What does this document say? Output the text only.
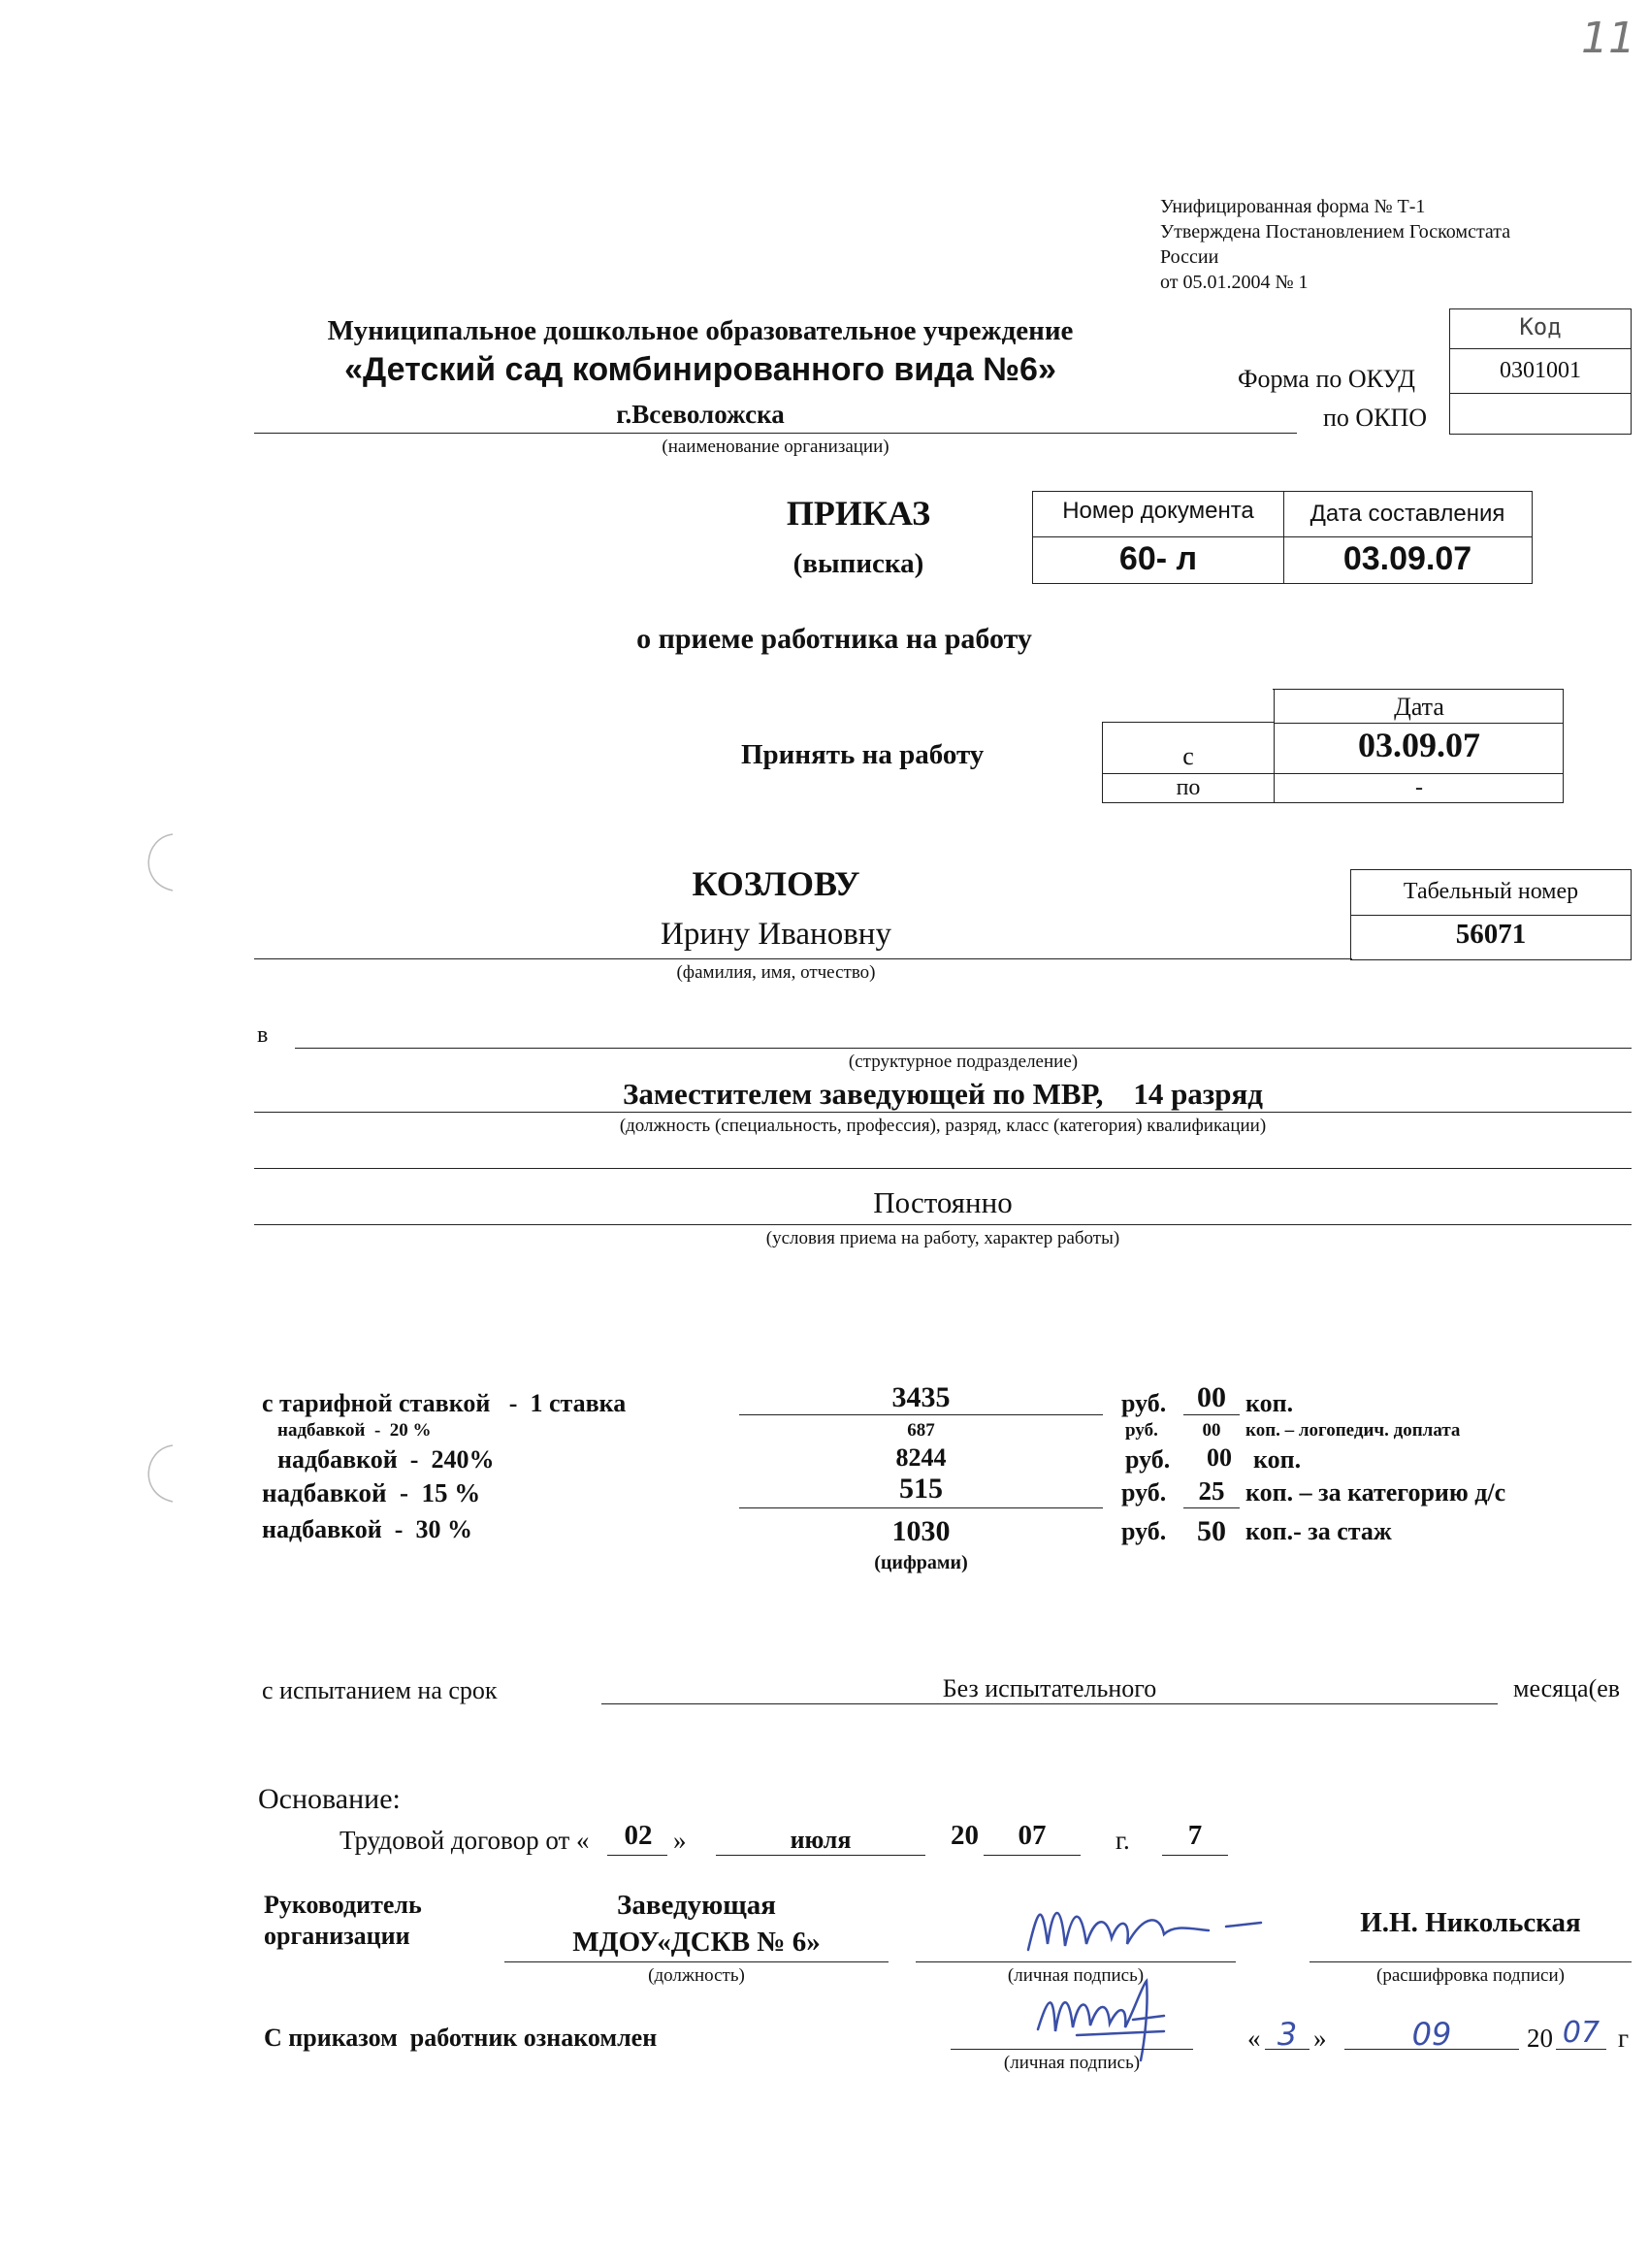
11
Унифицированная форма № Т-1
Утверждена Постановлением Госкомстата
России
от 05.01.2004 № 1
Муниципальное дошкольное образовательное учреждение
«Детский сад комбинированного вида №6»
г.Всеволожска
(наименование организации)
Форма по ОКУД
по ОКПО
Код
0301001
ПРИКАЗ
(выписка)
Номер документа	Дата составления
60- л	03.09.07
о приеме работника на работу
Принять на работу
Дата
с	03.09.07
по	-
КОЗЛОВУ
Ирину Ивановну
(фамилия, имя, отчество)
Табельный номер
56071
в
(структурное подразделение)
Заместителем заведующей по МВР,    14 разряд
(должность (специальность, профессия), разряд, класс (категория) квалификации)
Постоянно
(условия приема на работу, характер работы)
с тарифной ставкой   -  1 ставка	3435	руб.	00 коп.
надбавкой  -  20 %	687	руб.	00	коп. – логопедич. доплата
надбавкой  -  240%	8244	руб.	00 коп.
надбавкой  -  15 %	515	руб.	25 коп. – за категорию д/с
надбавкой  -  30 %	1030	руб.	50 коп.- за стаж
(цифрами)
с испытанием на срок	Без испытательного	месяца(ев
Основание:
Трудовой договор от «	02 »	июля	20	07	г.	7
Руководитель
организации
Заведующая
МДОУ«ДСКВ № 6»
(должность)	(личная подпись)
И.Н. Никольская
(расшифровка подписи)
С приказом  работник ознакомлен
(личная подпись)
« 3 »	09	20 07 г
